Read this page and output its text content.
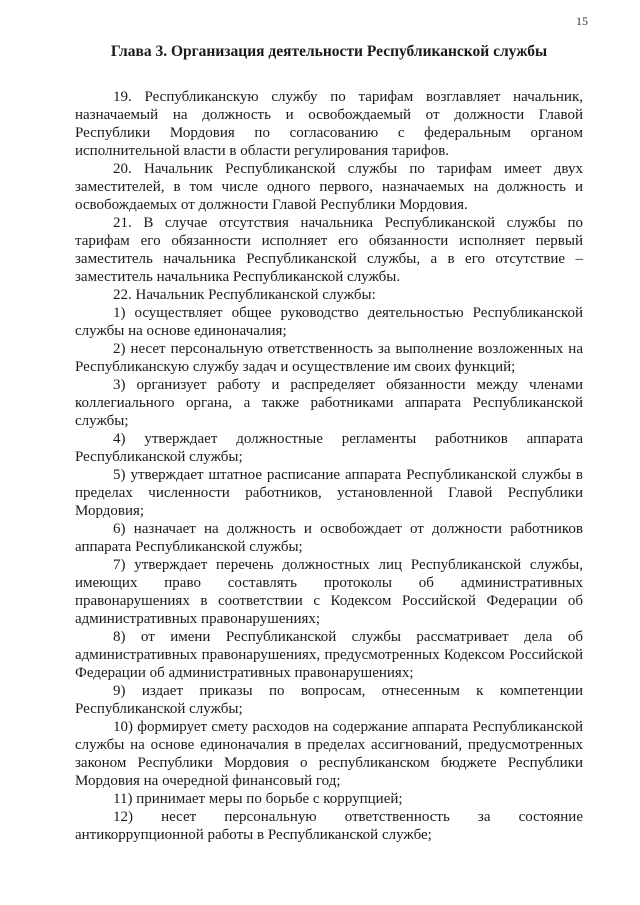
15
Глава 3. Организация деятельности Республиканской службы

19. Республиканскую службу по тарифам возглавляет начальник, назначаемый на должность и освобождаемый от должности Главой Республики Мордовия по согласованию с федеральным органом исполнительной власти в области регулирования тарифов.

20. Начальник Республиканской службы по тарифам имеет двух заместителей, в том числе одного первого, назначаемых на должность и освобождаемых от должности Главой Республики Мордовия.

21. В случае отсутствия начальника Республиканской службы по тарифам его обязанности исполняет его обязанности исполняет первый заместитель начальника Республиканской службы, а в его отсутствие – заместитель начальника Республиканской службы.

22. Начальник Республиканской службы:

1) осуществляет общее руководство деятельностью Республиканской службы на основе единоначалия;

2) несет персональную ответственность за выполнение возложенных на Республиканскую службу задач и осуществление им своих функций;

3) организует работу и распределяет обязанности между членами коллегиального органа, а также работниками аппарата Республиканской службы;

4) утверждает должностные регламенты работников аппарата Республиканской службы;

5) утверждает штатное расписание аппарата Республиканской службы в пределах численности работников, установленной Главой Республики Мордовия;

6) назначает на должность и освобождает от должности работников аппарата Республиканской службы;

7) утверждает перечень должностных лиц Республиканской службы, имеющих право составлять протоколы об административных правонарушениях в соответствии с Кодексом Российской Федерации об административных правонарушениях;

8) от имени Республиканской службы рассматривает дела об административных правонарушениях, предусмотренных Кодексом Российской Федерации об административных правонарушениях;

9) издает приказы по вопросам, отнесенным к компетенции Республиканской службы;

10) формирует смету расходов на содержание аппарата Республиканской службы на основе единоначалия в пределах ассигнований, предусмотренных законом Республики Мордовия о республиканском бюджете Республики Мордовия на очередной финансовый год;

11) принимает меры по борьбе с коррупцией;

12) несет персональную ответственность за состояние антикоррупционной работы в Республиканской службе;
